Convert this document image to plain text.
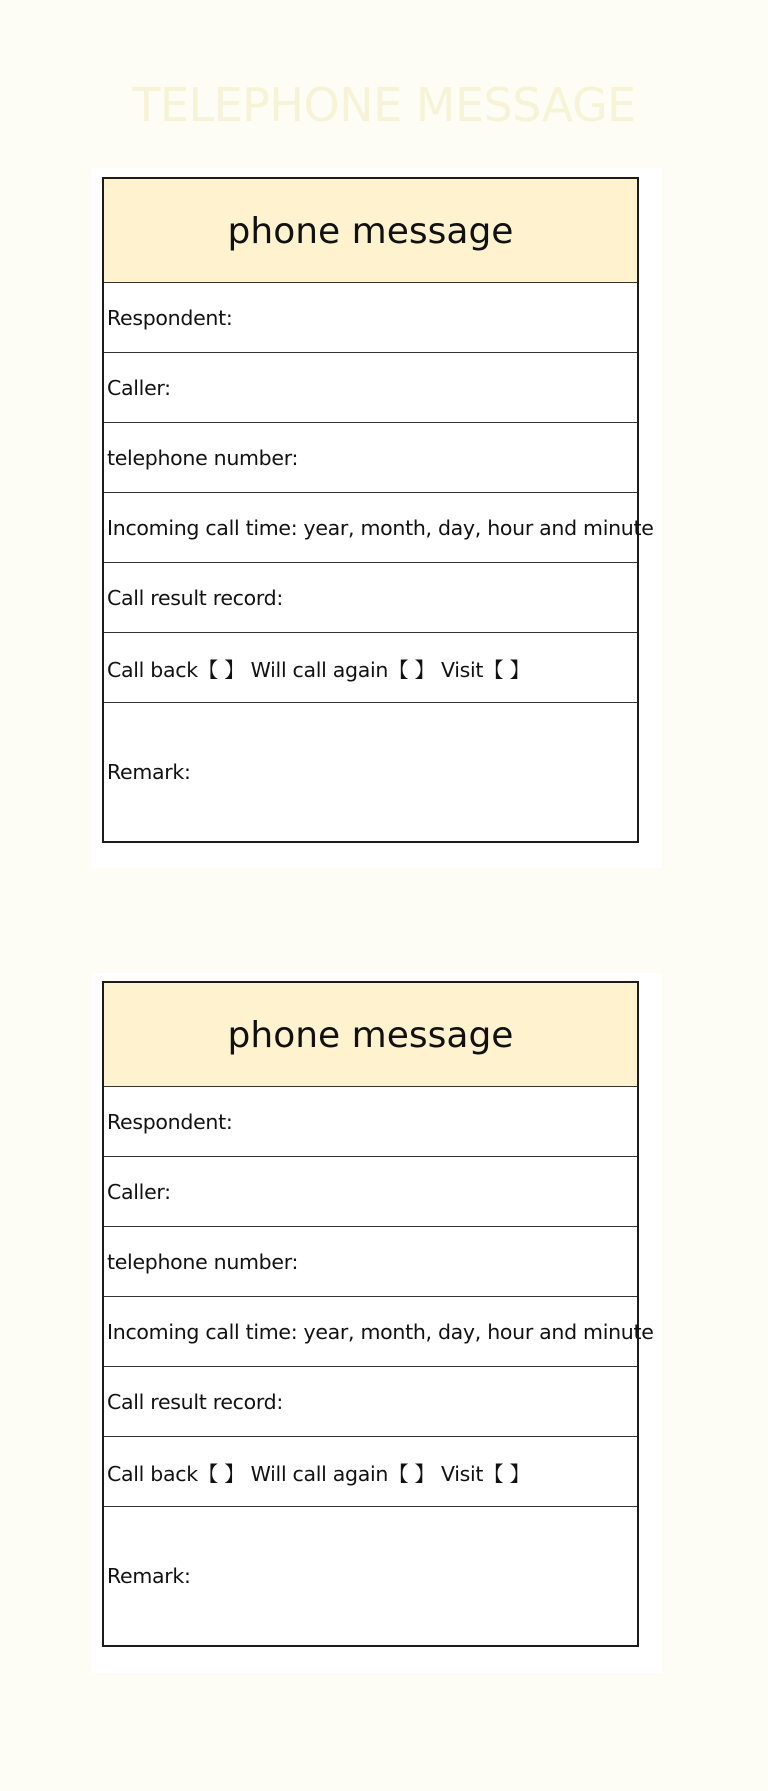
TELEPHONE MESSAGE
phone message
Respondent:
Caller:
telephone number:
Incoming call time: year, month, day, hour and minute
Call result record:
Call back【 】 Will call again【 】 Visit【 】
Remark:
phone message
Respondent:
Caller:
telephone number:
Incoming call time: year, month, day, hour and minute
Call result record:
Call back【 】 Will call again【 】 Visit【 】
Remark:
